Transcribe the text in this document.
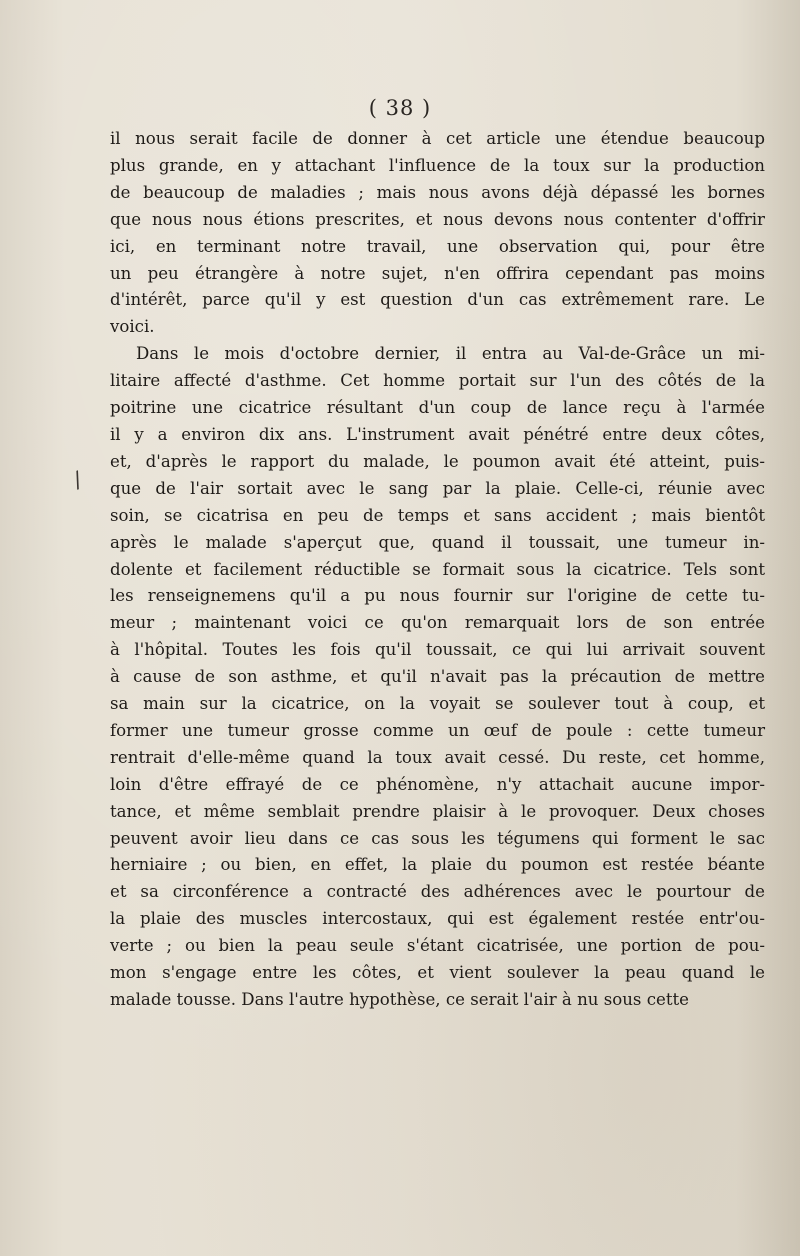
( 38 )
/
il nous serait facile de donner à cet article une étendue beaucoup
plus grande, en y attachant l'influence de la toux sur la production
de beaucoup de maladies ; mais nous avons déjà dépassé les bornes
que nous nous étions prescrites, et nous devons nous contenter d'offrir
ici, en terminant notre travail, une observation qui, pour être
un peu étrangère à notre sujet, n'en offrira cependant pas moins
d'intérêt, parce qu'il y est question d'un cas extrêmement rare. Le
voici.
Dans le mois d'octobre dernier, il entra au Val-de-Grâce un mi-
litaire affecté d'asthme. Cet homme portait sur l'un des côtés de la
poitrine une cicatrice résultant d'un coup de lance reçu à l'armée
il y a environ dix ans. L'instrument avait pénétré entre deux côtes,
et, d'après le rapport du malade, le poumon avait été atteint, puis-
que de l'air sortait avec le sang par la plaie. Celle-ci, réunie avec
soin, se cicatrisa en peu de temps et sans accident ; mais bientôt
après le malade s'aperçut que, quand il toussait, une tumeur in-
dolente et facilement réductible se formait sous la cicatrice. Tels sont
les renseignemens qu'il a pu nous fournir sur l'origine de cette tu-
meur ; maintenant voici ce qu'on remarquait lors de son entrée
à l'hôpital. Toutes les fois qu'il toussait, ce qui lui arrivait souvent
à cause de son asthme, et qu'il n'avait pas la précaution de mettre
sa main sur la cicatrice, on la voyait se soulever tout à coup, et
former une tumeur grosse comme un œuf de poule : cette tumeur
rentrait d'elle-même quand la toux avait cessé. Du reste, cet homme,
loin d'être effrayé de ce phénomène, n'y attachait aucune impor-
tance, et même semblait prendre plaisir à le provoquer. Deux choses
peuvent avoir lieu dans ce cas sous les tégumens qui forment le sac
herniaire ; ou bien, en effet, la plaie du poumon est restée béante
et sa circonférence a contracté des adhérences avec le pourtour de
la plaie des muscles intercostaux, qui est également restée entr'ou-
verte ; ou bien la peau seule s'étant cicatrisée, une portion de pou-
mon s'engage entre les côtes, et vient soulever la peau quand le
malade tousse. Dans l'autre hypothèse, ce serait l'air à nu sous cette
